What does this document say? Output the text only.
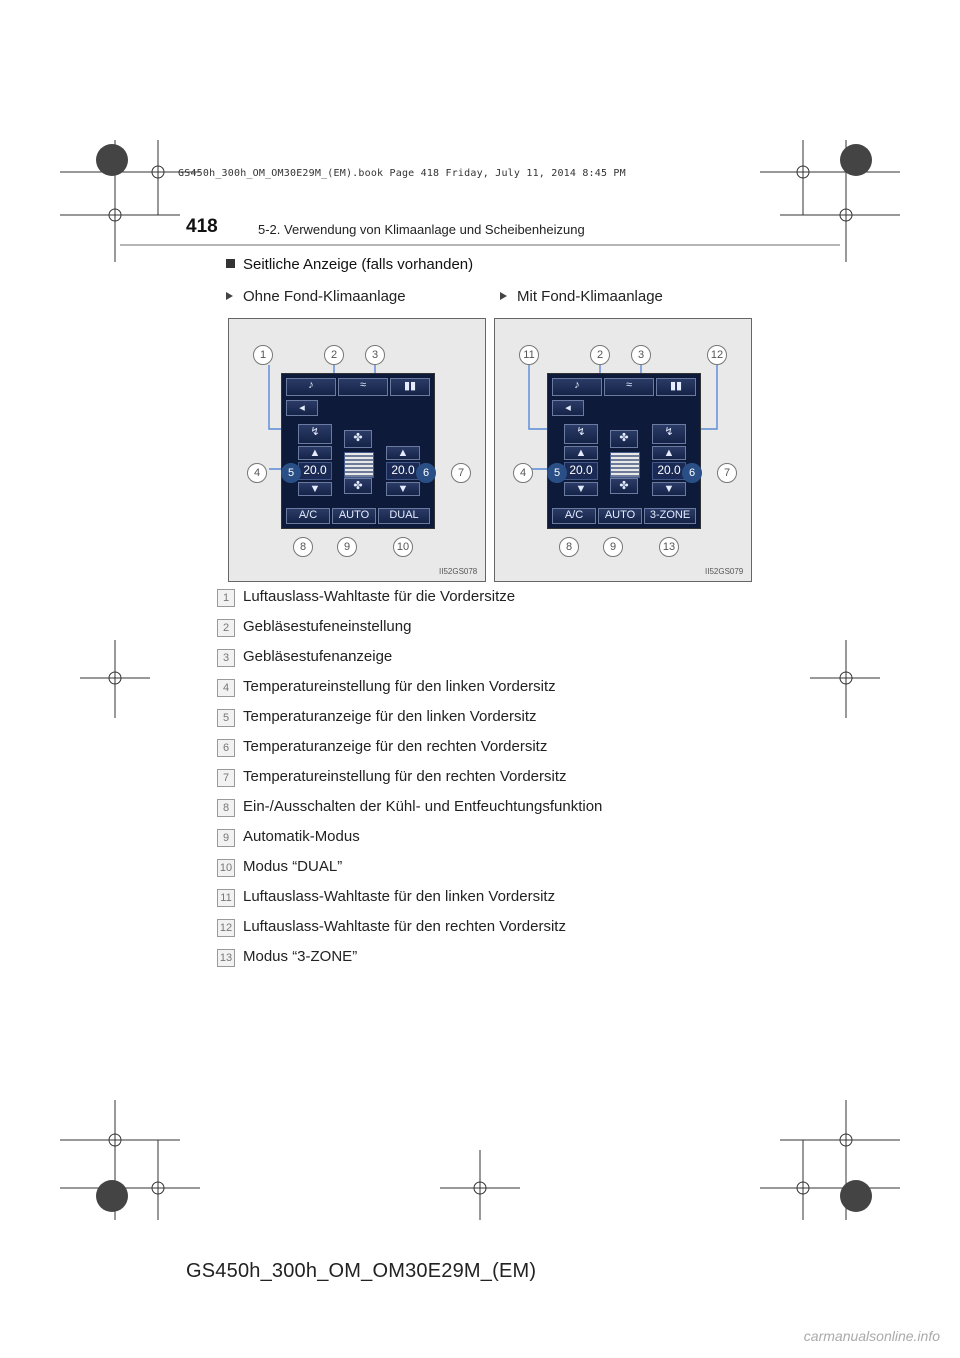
GS450h_300h_OM_OM30E29M_(EM).book Page 418 Friday, July 11, 2014 8:45 PM
418	5-2. Verwendung von Klimaanlage und Scheibenheizung
Seitliche Anzeige (falls vorhanden)
Ohne Fond-Klimaanlage	Mit Fond-Klimaanlage
♪	≈	▮▮
◂
↯	✤
▲
20.0
▼	✤
▲
20.0
▼
A/C	AUTO	DUAL
1	2	3
4	5	6	7
8	9	10
II52GS078
♪	≈	▮▮
◂
↯	✤	↯
▲
20.0
▼	✤
▲
20.0
▼
A/C	AUTO	3-ZONE
11	2	3	12
4	5	6	7
8	9	13
II52GS079
1 Luftauslass-Wahltaste für die Vordersitze
2 Gebläsestufeneinstellung
3 Gebläsestufenanzeige
4 Temperatureinstellung für den linken Vordersitz
5 Temperaturanzeige für den linken Vordersitz
6 Temperaturanzeige für den rechten Vordersitz
7 Temperatureinstellung für den rechten Vordersitz
8 Ein-/Ausschalten der Kühl- und Entfeuchtungsfunktion
9 Automatik-Modus
10 Modus “DUAL”
11 Luftauslass-Wahltaste für den linken Vordersitz
12 Luftauslass-Wahltaste für den rechten Vordersitz
13 Modus “3-ZONE”
GS450h_300h_OM_OM30E29M_(EM)
carmanualsonline.info
